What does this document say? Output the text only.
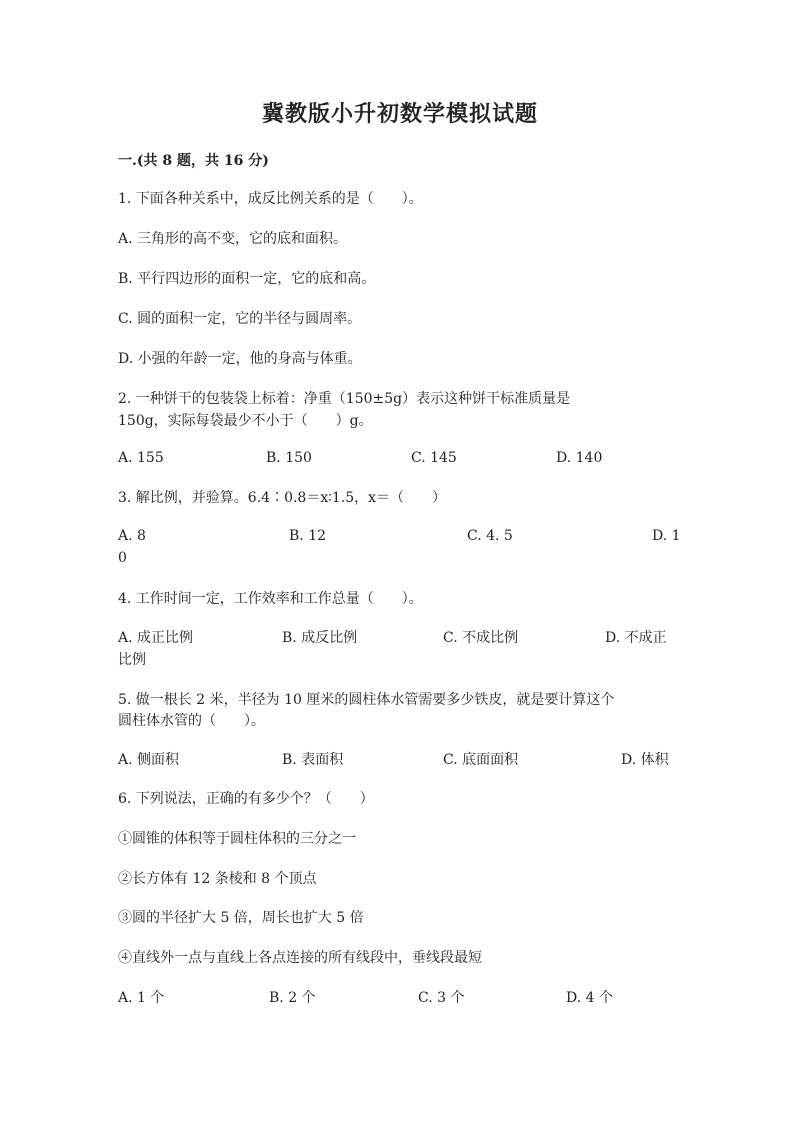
冀教版小升初数学模拟试题
一.(共 8 题，共 16 分)
1. 下面各种关系中，成反比例关系的是（　　）。
A. 三角形的高不变，它的底和面积。
B. 平行四边形的面积一定，它的底和高。
C. 圆的面积一定，它的半径与圆周率。
D. 小强的年龄一定，他的身高与体重。
2. 一种饼干的包装袋上标着：净重（150±5g）表示这种饼干标准质量是
150g，实际每袋最少不小于（　　）g。
A. 155	B. 150	C. 145	D. 140
3. 解比例，并验算。6.4∶0.8＝x∶1.5，x＝（　　）
A. 8	B. 12	C. 4. 5	D. 1
0
4. 工作时间一定，工作效率和工作总量（　　）。
A. 成正比例	B. 成反比例	C. 不成比例	D. 不成正
比例
5. 做一根长 2 米，半径为 10 厘米的圆柱体水管需要多少铁皮，就是要计算这个
圆柱体水管的（　　）。
A. 侧面积	B. 表面积	C. 底面面积	D. 体积
6. 下列说法，正确的有多少个？（　　）
①圆锥的体积等于圆柱体积的三分之一
②长方体有 12 条棱和 8 个顶点
③圆的半径扩大 5 倍，周长也扩大 5 倍
④直线外一点与直线上各点连接的所有线段中，垂线段最短
A. 1 个	B. 2 个	C. 3 个	D. 4 个
